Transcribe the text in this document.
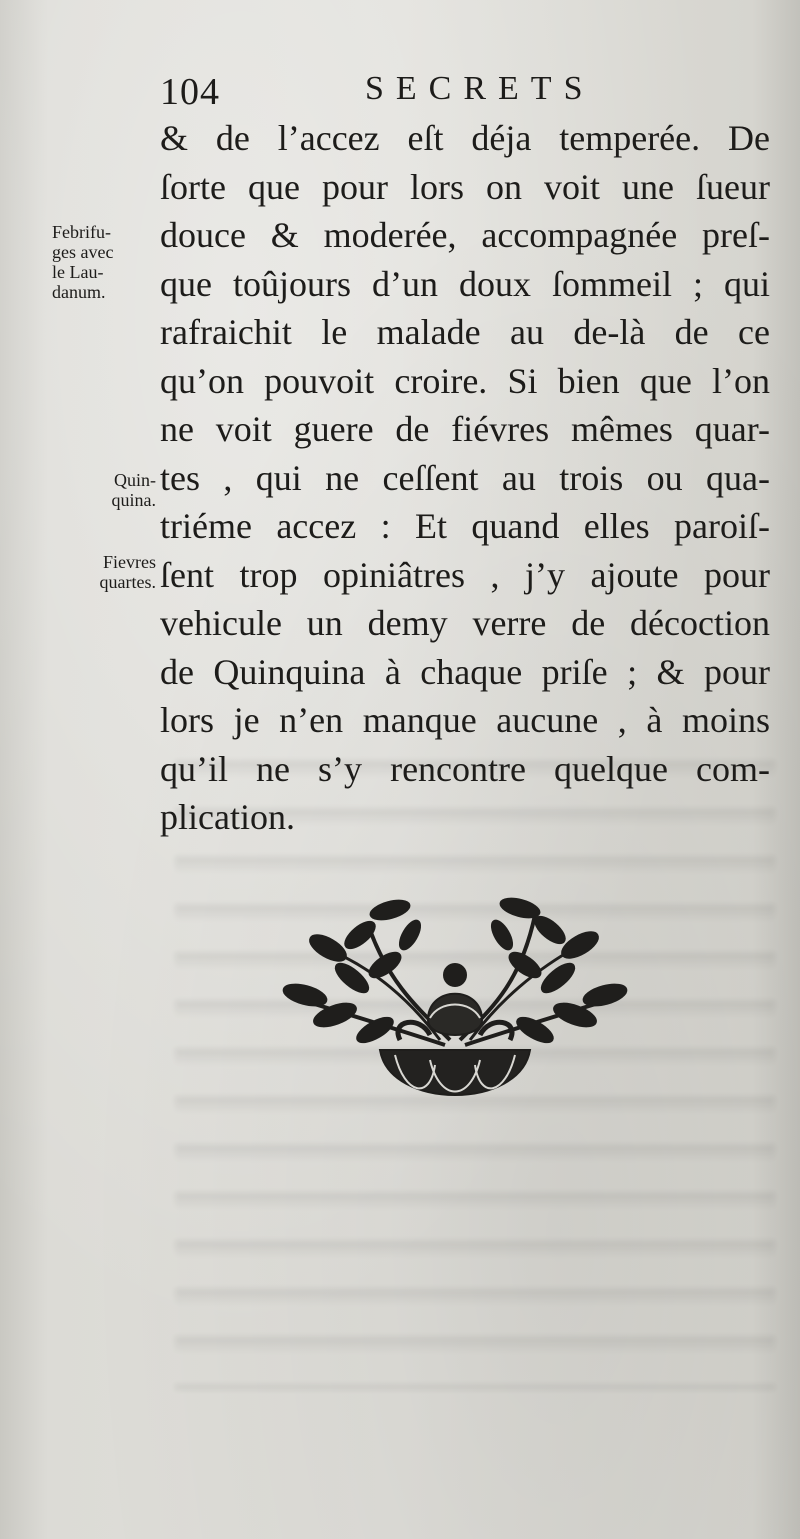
104	SECRETS
Febrifu-
ges avec
le Lau-
danum.
Quin-
quina.
Fievres
quartes.
& de l’accez eſt déja temperée. De
ſorte que pour lors on voit une ſueur
douce & moderée, accompagnée preſ-
que toûjours d’un doux ſommeil ; qui
rafraichit le malade au de-là de ce
qu’on pouvoit croire. Si bien que l’on
ne voit guere de fiévres mêmes quar-
tes , qui ne ceſſent au trois ou qua-
triéme accez : Et quand elles paroiſ-
ſent trop opiniâtres , j’y ajoute pour
vehicule un demy verre de décoction
de Quinquina à chaque priſe ; & pour
lors je n’en manque aucune , à moins
qu’il ne s’y rencontre quelque com-
plication.
